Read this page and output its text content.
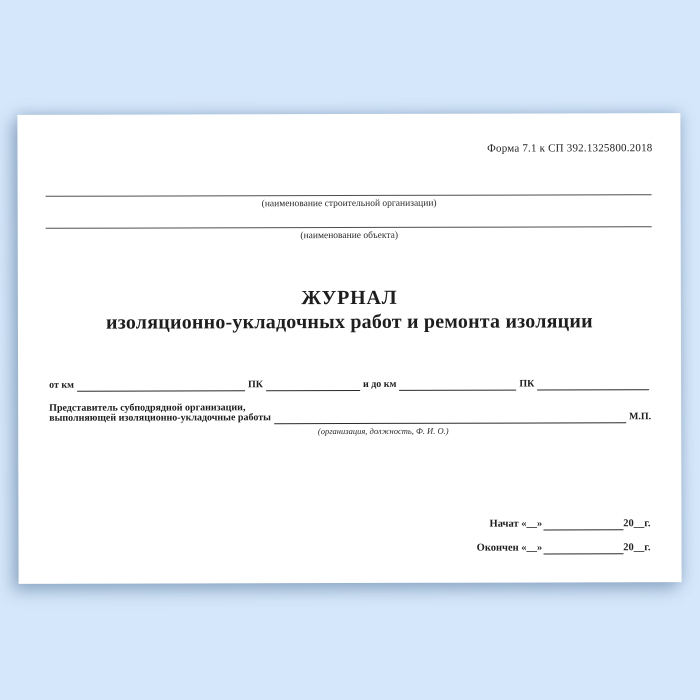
Форма 7.1 к СП 392.1325800.2018
(наименование строительной организации)
(наименование объекта)
ЖУРНАЛ
изоляционно-укладочных работ и ремонта изоляции
от км	ПК	и до км	ПК
Представитель субподрядной организации,
выполняющей изоляционно-укладочные работы	М.П.
(организация, должность, Ф. И. О.)
Начат «__»	20__г.
Окончен «__»	20__г.
